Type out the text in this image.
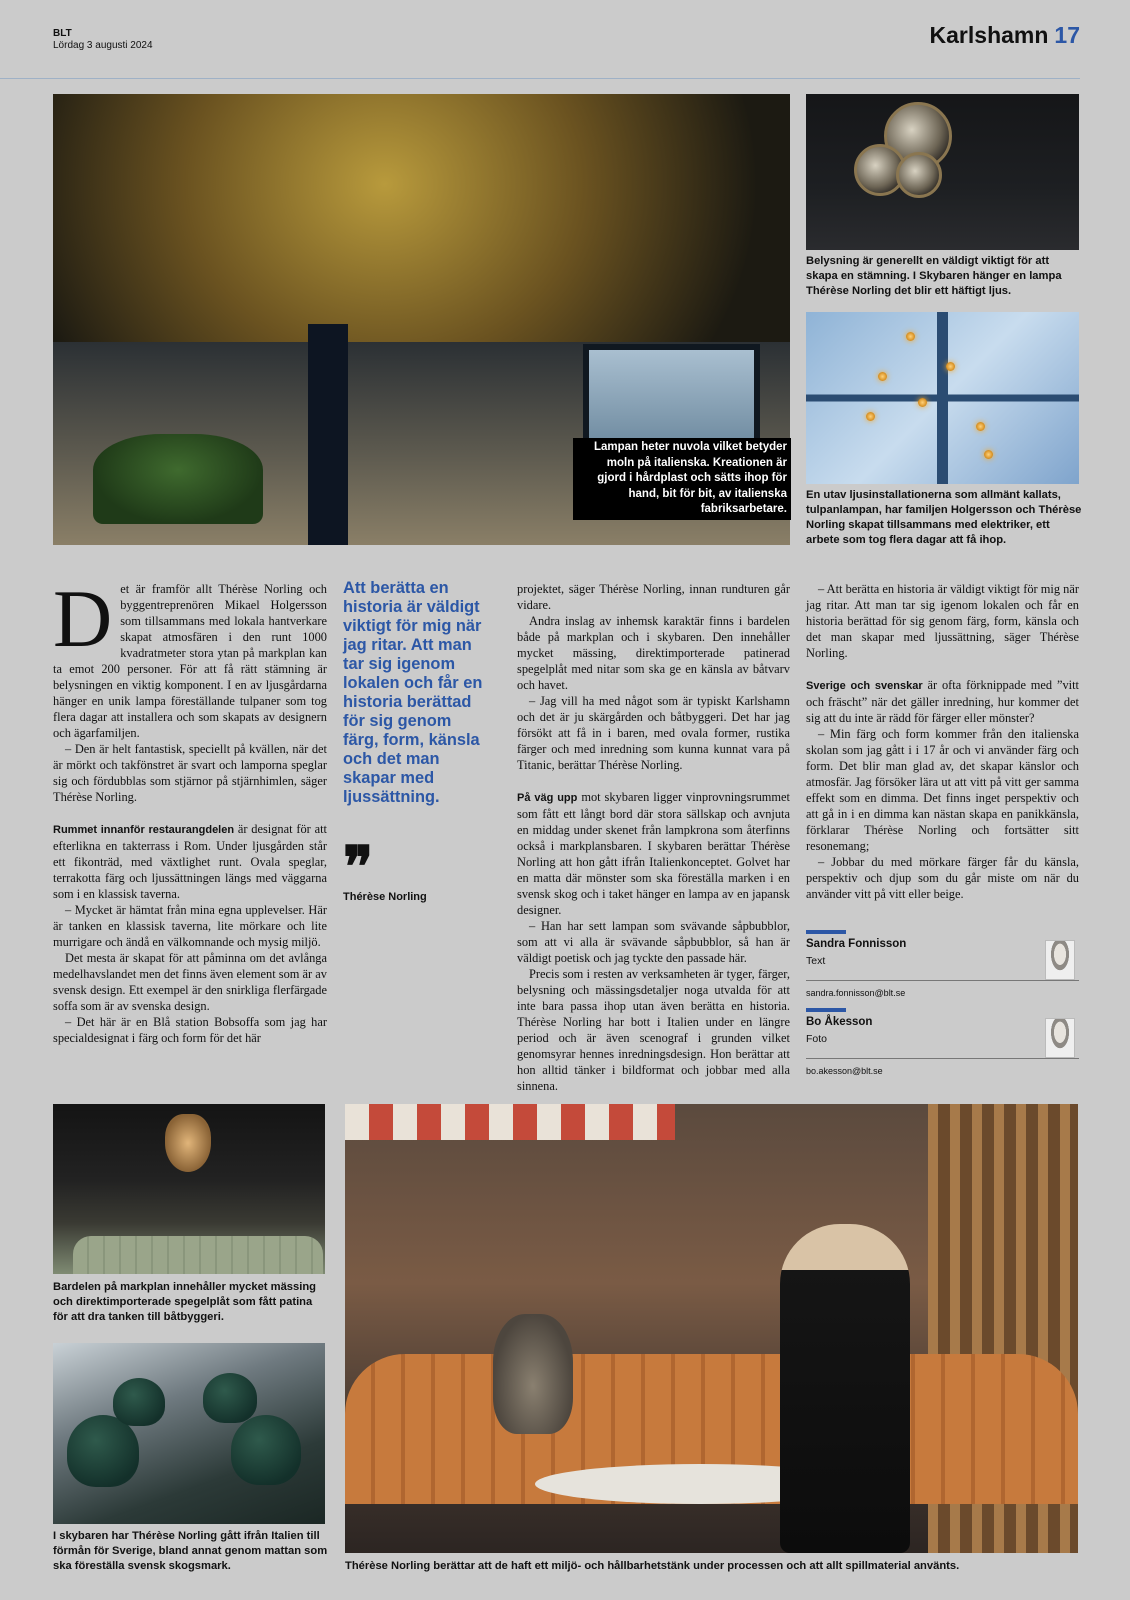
BLT
Lördag 3 augusti 2024	Karlshamn 17
Lampan heter nuvola vilket betyder moln på italienska. Kreationen är gjord i hårdplast och sätts ihop för hand, bit för bit, av italienska fabriksarbetare.
Belysning är generellt en väldigt viktigt för att skapa en stämning. I Skybaren hänger en lampa Thérèse Norling det blir ett häftigt ljus.
En utav ljusinstallationerna som allmänt kallats, tulpanlampan, har familjen Holgersson och Thérèse Norling skapat tillsammans med elektriker, ett arbete som tog flera dagar att få ihop.
D et är framför allt Thérèse Norling och byggentreprenören Mikael Holgersson som tillsammans med lokala hantverkare skapat atmosfären i den runt 1000 kvadratmeter stora ytan på markplan kan ta emot 200 personer. För att få rätt stämning är belysningen en viktig komponent. I en av ljusgårdarna hänger en unik lampa föreställande tulpaner som tog flera dagar att installera och som skapats av designern och ägarfamiljen.

– Den är helt fantastisk, speciellt på kvällen, när det är mörkt och takfönstret är svart och lamporna speglar sig och fördubblas som stjärnor på stjärnhimlen, säger Thérèse Norling.

Rummet innanför restaurangdelen är designat för att efterlikna en takterrass i Rom. Under ljusgården står ett fikonträd, med växtlighet runt. Ovala speglar, terrakotta färg och ljussättningen längs med väggarna som i en klassisk taverna.

– Mycket är hämtat från mina egna upplevelser. Här är tanken en klassisk taverna, lite mörkare och lite murrigare och ändå en välkomnande och mysig miljö.

Det mesta är skapat för att påminna om det avlånga medelhavslandet men det finns även element som är av svensk design. Ett exempel är den snirkliga flerfärgade soffa som är av svenska design.

– Det här är en Blå station Bobsoffa som jag har specialdesignat i färg och form för det här

Att berätta en historia är väldigt viktigt för mig när jag ritar. Att man tar sig igenom lokalen och får en historia berättad för sig genom färg, form, känsla och det man skapar med ljussättning.
❞
Thérèse Norling

projektet, säger Thérèse Norling, innan rundturen går vidare.

Andra inslag av inhemsk karaktär finns i bardelen både på markplan och i skybaren. Den innehåller mycket mässing, direktimporterade patinerad spegelplåt med nitar som ska ge en känsla av båtvarv och havet.

– Jag vill ha med något som är typiskt Karlshamn och det är ju skärgården och båtbyggeri. Det har jag försökt att få in i baren, med ovala former, rustika färger och med inredning som kunna kunnat vara på Titanic, berättar Thérèse Norling.

På väg upp mot skybaren ligger vinprovningsrummet som fått ett långt bord där stora sällskap och avnjuta en middag under skenet från lampkrona som återfinns också i markplansbaren. I skybaren berättar Thérèse Norling att hon gått ifrån Italienkonceptet. Golvet har en matta där mönster som ska föreställa marken i en svensk skog och i taket hänger en lampa av en japansk designer.

– Han har sett lampan som svävande såpbubblor, som att vi alla är svävande såpbubblor, så han är väldigt poetisk och jag tyckte den passade här.

Precis som i resten av verksamheten är tyger, färger, belysning och mässingsdetaljer noga utvalda för att inte bara passa ihop utan även berätta en historia. Thérèse Norling har bott i Italien under en längre period och är även scenograf i grunden vilket genomsyrar hennes inredningsdesign. Hon berättar att hon alltid tänker i bildformat och jobbar med alla sinnena.

– Att berätta en historia är väldigt viktigt för mig när jag ritar. Att man tar sig igenom lokalen och får en historia berättad för sig genom färg, form, känsla och det man skapar med ljussättning, säger Thérèse Norling.

Sverige och svenskar är ofta förknippade med ”vitt och fräscht” när det gäller inredning, hur kommer det sig att du inte är rädd för färger eller mönster?

– Min färg och form kommer från den italienska skolan som jag gått i i 17 år och vi använder färg och form. Det blir man glad av, det skapar känslor och atmosfär. Jag försöker lära ut att vitt på vitt ger samma effekt som en dimma. Det finns inget perspektiv och att gå in i en dimma kan nästan skapa en panikkänsla, förklarar Thérèse Norling och fortsätter sitt resonemang;

– Jobbar du med mörkare färger får du känsla, perspektiv och djup som du går miste om när du använder vitt på vitt eller beige.

Sandra Fonnisson
Text
sandra.fonnisson@blt.se
Bo Åkesson
Foto
bo.akesson@blt.se
Bardelen på markplan innehåller mycket mässing och direktimporterade spegelplåt som fått patina för att dra tanken till båtbyggeri.
I skybaren har Thérèse Norling gått ifrån Italien till förmån för Sverige, bland annat genom mattan som ska föreställa svensk skogsmark.	Thérèse Norling berättar att de haft ett miljö- och hållbarhetstänk under processen och att allt spillmaterial använts.
